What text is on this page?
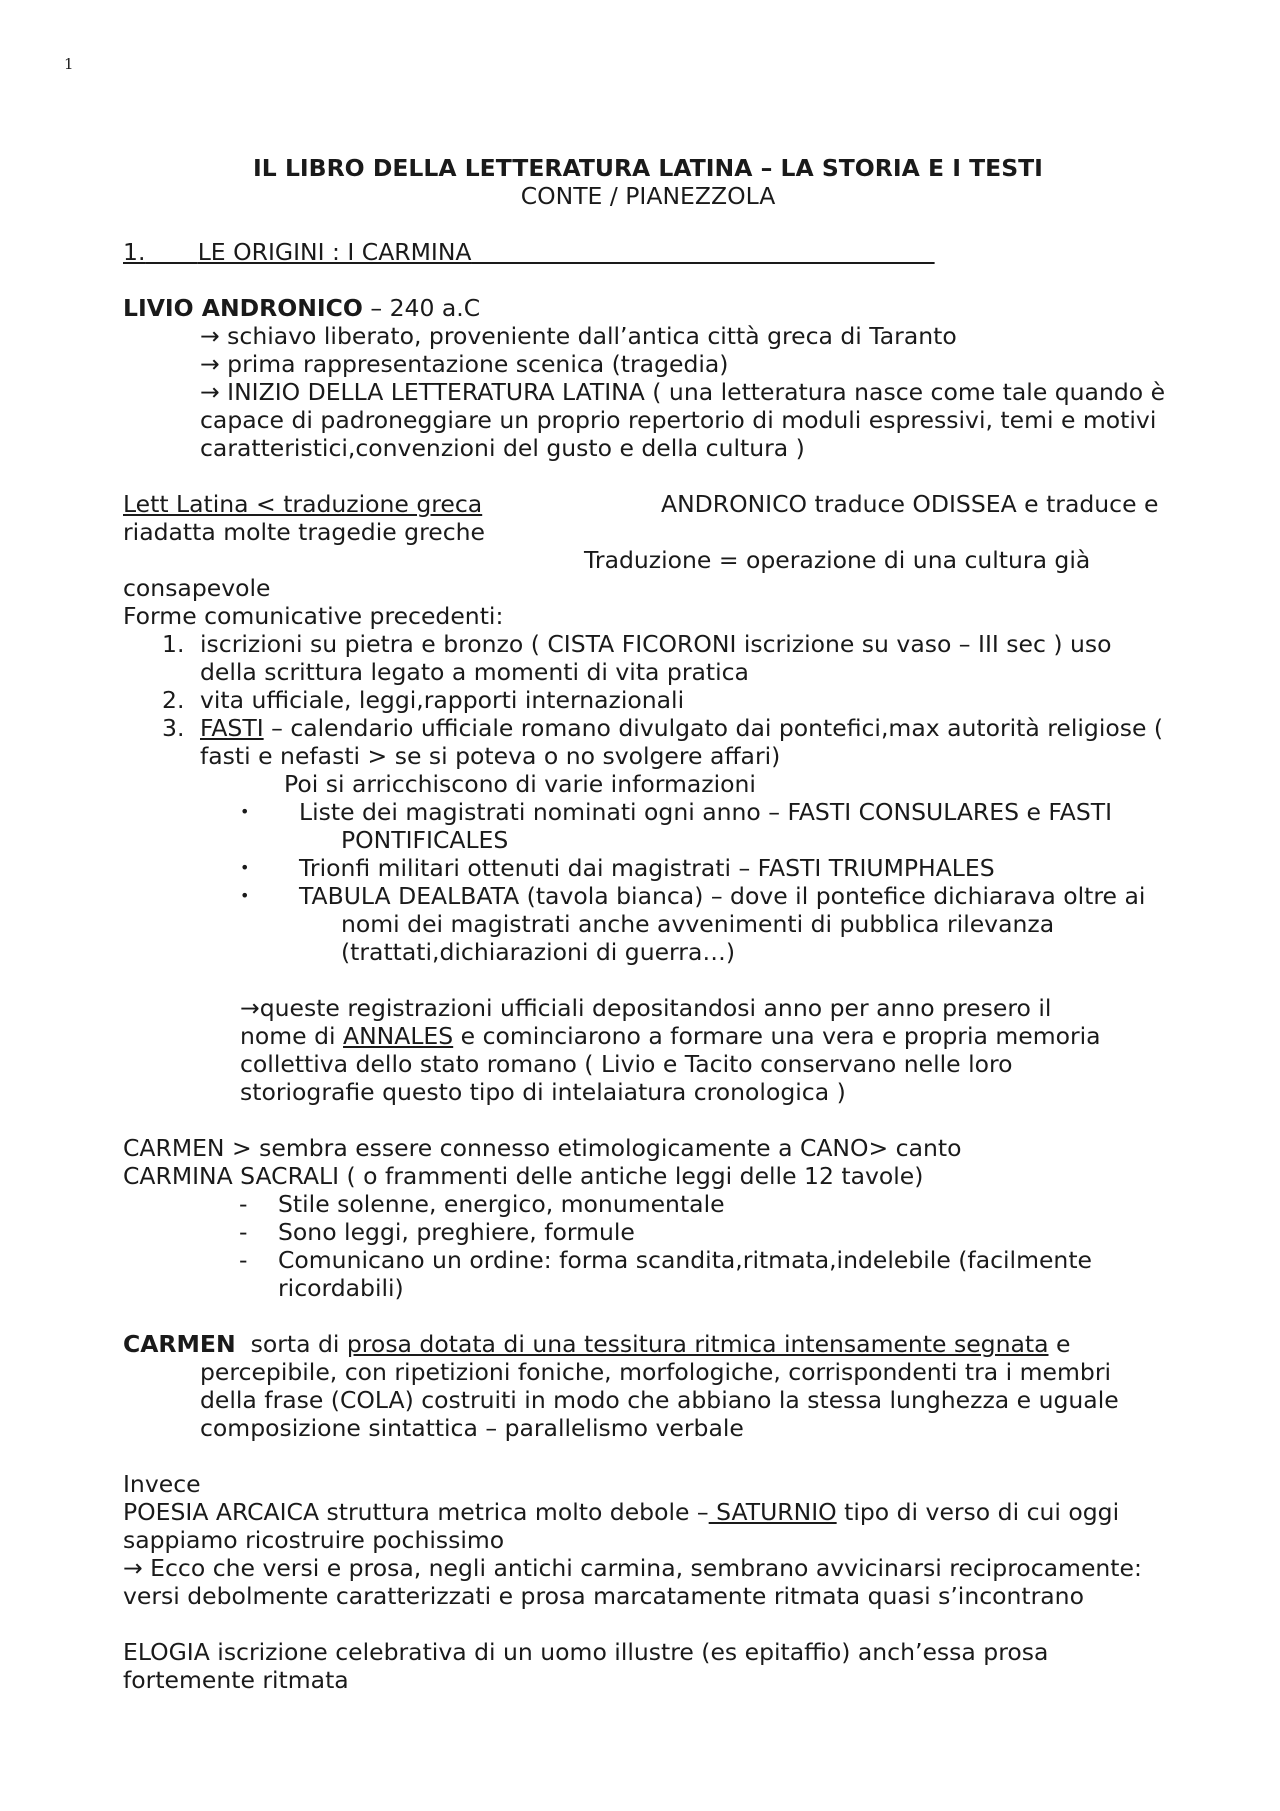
1

IL LIBRO DELLA LETTERATURA LATINA – LA STORIA E I TESTI

CONTE / PIANEZZOLA

1. LE ORIGINI : I CARMINA

LIVIO ANDRONICO – 240 a.C

→ schiavo liberato, proveniente dall’antica città greca di Taranto

→ prima rappresentazione scenica (tragedia)

→ INIZIO DELLA LETTERATURA LATINA ( una letteratura nasce come tale quando è capace di padroneggiare un proprio repertorio di moduli espressivi, temi e motivi caratteristici,convenzioni del gusto e della cultura )

Lett Latina < traduzione greca	ANDRONICO traduce ODISSEA e traduce e

riadatta molte tragedie greche

Traduzione = operazione di una cultura già

consapevole

Forme comunicative precedenti:

1. iscrizioni su pietra e bronzo ( CISTA FICORONI iscrizione su vaso – III sec ) uso della scrittura legato a momenti di vita pratica
2. vita ufficiale, leggi,rapporti internazionali
3. FASTI – calendario ufficiale romano divulgato dai pontefici,max autorità religiose ( fasti e nefasti > se si poteva o no svolgere affari)

Poi si arricchiscono di varie informazioni

• Liste dei magistrati nominati ogni anno – FASTI CONSULARES e FASTI
PONTIFICALES
• Trionfi militari ottenuti dai magistrati – FASTI TRIUMPHALES
• TABULA DEALBATA (tavola bianca) – dove il pontefice dichiarava oltre ai
nomi dei magistrati anche avvenimenti di pubblica rilevanza (trattati,dichiarazioni di guerra…)

→queste registrazioni ufficiali depositandosi anno per anno presero il nome di ANNALES e cominciarono a formare una vera e propria memoria collettiva dello stato romano ( Livio e Tacito conservano nelle loro storiografie questo tipo di intelaiatura cronologica )

CARMEN > sembra essere connesso etimologicamente a CANO> canto

CARMINA SACRALI ( o frammenti delle antiche leggi delle 12 tavole)

- Stile solenne, energico, monumentale
- Sono leggi, preghiere, formule
- Comunicano un ordine: forma scandita,ritmata,indelebile (facilmente ricordabili)

CARMEN  sorta di prosa dotata di una tessitura ritmica intensamente segnata e percepibile, con ripetizioni foniche, morfologiche, corrispondenti tra i membri della frase (COLA) costruiti in modo che abbiano la stessa lunghezza e uguale composizione sintattica – parallelismo verbale

Invece

POESIA ARCAICA struttura metrica molto debole – SATURNIO tipo di verso di cui oggi sappiamo ricostruire pochissimo

→ Ecco che versi e prosa, negli antichi carmina, sembrano avvicinarsi reciprocamente: versi debolmente caratterizzati e prosa marcatamente ritmata quasi s’incontrano

ELOGIA iscrizione celebrativa di un uomo illustre (es epitaffio) anch’essa prosa fortemente ritmata
